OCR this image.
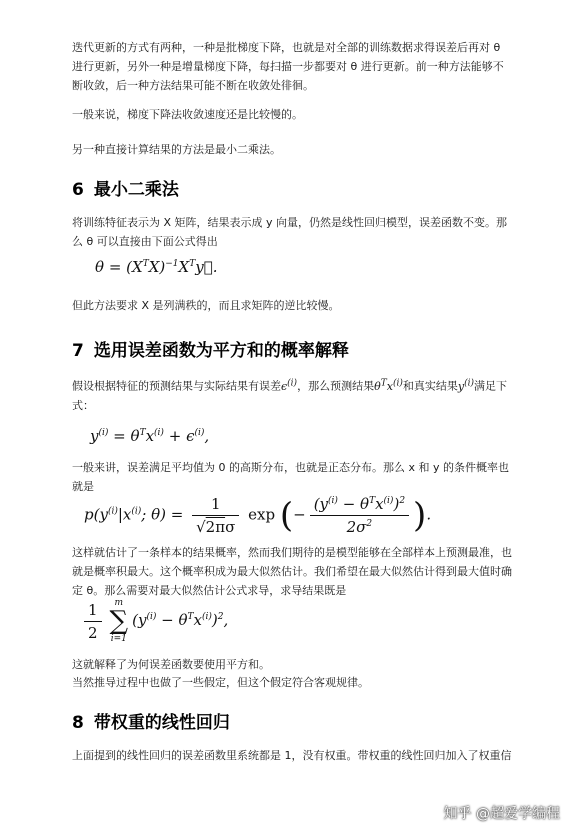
迭代更新的方式有两种，一种是批梯度下降，也就是对全部的训练数据求得误差后再对 θ 进行更新，另外一种是增量梯度下降，每扫描一步都要对 θ 进行更新。前一种方法能够不断收敛，后一种方法结果可能不断在收敛处徘徊。

一般来说，梯度下降法收敛速度还是比较慢的。

另一种直接计算结果的方法是最小二乘法。

6 最小二乘法

将训练特征表示为 X 矩阵，结果表示成 y 向量，仍然是线性回归模型，误差函数不变。那么 θ 可以直接由下面公式得出

$\theta = (X^TX)^{-1}X^Ty⃗$.

但此方法要求 X 是列满秩的，而且求矩阵的逆比较慢。

7 选用误差函数为平方和的概率解释

假设根据特征的预测结果与实际结果有误差$\epsilon^{(i)}$，那么预测结果$\theta^Tx^{(i)}$和真实结果$y^{(i)}$满足下式：

$y^{(i)} = \theta^Tx^{(i)} + \epsilon^{(i)}$,

一般来讲，误差满足平均值为 0 的高斯分布，也就是正态分布。那么 x 和 y 的条件概率也就是

$p(y^{(i)}|x^{(i)}$; $\theta) = \frac{1}{√2\pi\sigma}$ exp (− $\frac{(y^{(i)} - \theta^Tx^{(i)})^2}{2\sigma^2}$ ).

这样就估计了一条样本的结果概率，然而我们期待的是模型能够在全部样本上预测最准，也就是概率积最大。这个概率积成为最大似然估计。我们希望在最大似然估计得到最大值时确定 θ。那么需要对最大似然估计公式求导，求导结果既是

$\frac{1}{2}$	m
∑
i=1
$(y^{(i)} - \theta^Tx^{(i)})^2$,

这就解释了为何误差函数要使用平方和。

当然推导过程中也做了一些假定，但这个假定符合客观规律。

8 带权重的线性回归

上面提到的线性回归的误差函数里系统都是 1，没有权重。带权重的线性回归加入了权重信

知乎 @超爱学编程
